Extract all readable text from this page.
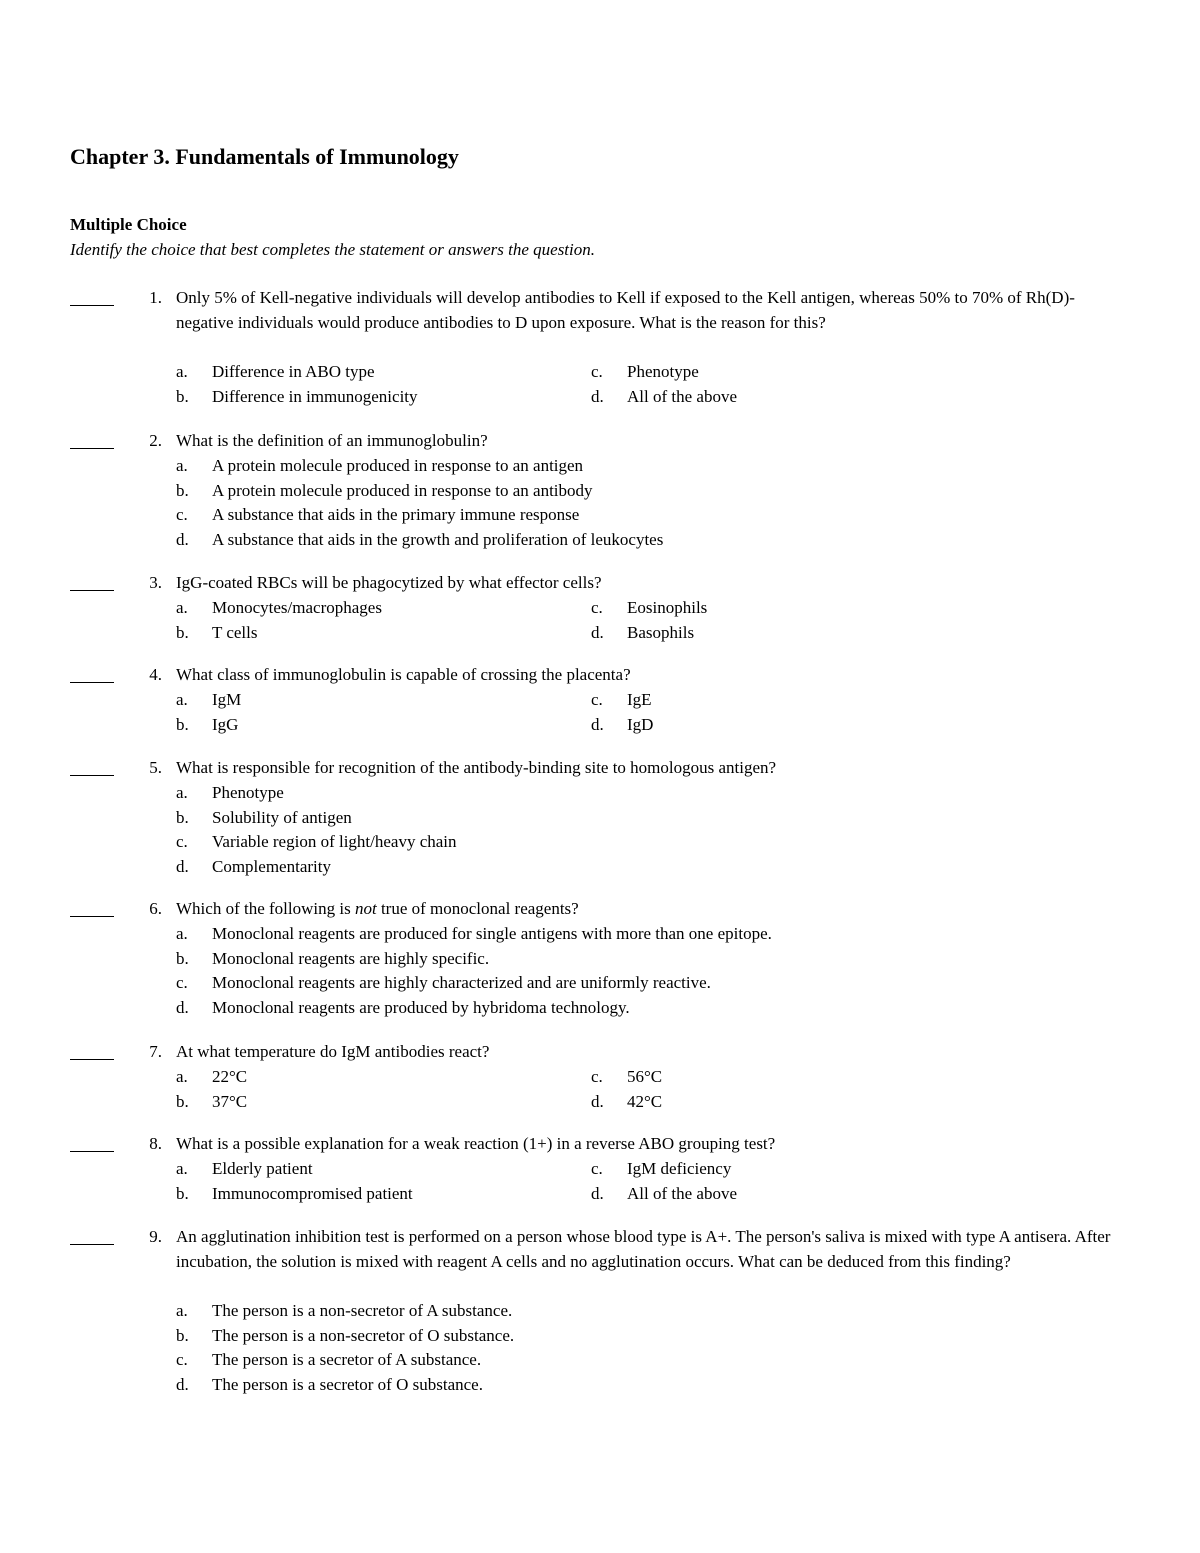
Chapter 3. Fundamentals of Immunology
Multiple Choice
Identify the choice that best completes the statement or answers the question.
1. Only 5% of Kell-negative individuals will develop antibodies to Kell if exposed to the Kell antigen, whereas 50% to 70% of Rh(D)-negative individuals would produce antibodies to D upon exposure. What is the reason for this?
a.	Difference in ABO type	c.	Phenotype
b.	Difference in immunogenicity	d.	All of the above
2. What is the definition of an immunoglobulin?
a.	A protein molecule produced in response to an antigen
b.	A protein molecule produced in response to an antibody
c.	A substance that aids in the primary immune response
d.	A substance that aids in the growth and proliferation of leukocytes
3. IgG-coated RBCs will be phagocytized by what effector cells?
a.	Monocytes/macrophages	c.	Eosinophils
b.	T cells	d.	Basophils
4. What class of immunoglobulin is capable of crossing the placenta?
a.	IgM	c.	IgE
b.	IgG	d.	IgD
5. What is responsible for recognition of the antibody-binding site to homologous antigen?
a.	Phenotype
b.	Solubility of antigen
c.	Variable region of light/heavy chain
d.	Complementarity
6. Which of the following is not true of monoclonal reagents?
a.	Monoclonal reagents are produced for single antigens with more than one epitope.
b.	Monoclonal reagents are highly specific.
c.	Monoclonal reagents are highly characterized and are uniformly reactive.
d.	Monoclonal reagents are produced by hybridoma technology.
7. At what temperature do IgM antibodies react?
a.	22°C	c.	56°C
b.	37°C	d.	42°C
8. What is a possible explanation for a weak reaction (1+) in a reverse ABO grouping test?
a.	Elderly patient	c.	IgM deficiency
b.	Immunocompromised patient	d.	All of the above
9. An agglutination inhibition test is performed on a person whose blood type is A+. The person's saliva is mixed with type A antisera. After incubation, the solution is mixed with reagent A cells and no agglutination occurs. What can be deduced from this finding?
a.	The person is a non-secretor of A substance.
b.	The person is a non-secretor of O substance.
c.	The person is a secretor of A substance.
d.	The person is a secretor of O substance.
